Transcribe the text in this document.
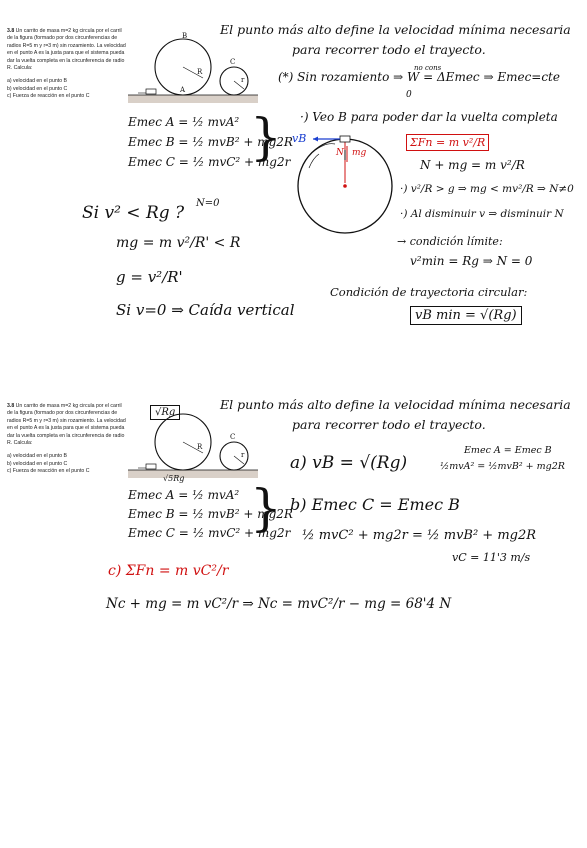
3.8 Un carrito de masa m=2 kg circula por el carril de la figura (formado por dos circunferencias de radios R=5 m y r=3 m) sin rozamiento. La velocidad en el punto A es la justa para que el sistema pueda dar la vuelta completa en la circunferencia de radio R. Calcula:
a) velocidad en el punto B
b) velocidad en el punto C
c) Fuerza de reacción en el punto C
B
R
A
C
r
El punto más alto define la velocidad mínima necesaria
para recorrer todo el trayecto.
Emec A = ½ mvA²
Emec B = ½ mvB² + mg2R
Emec C = ½ mvC² + mg2r
}
(*) Sin rozamiento ⇒ W = ΔEmec ⇒ Emec=cte
no cons
0
·) Veo B para poder dar la vuelta completa
vB
N mg
ΣFn = m v²/R
N + mg = m v²/R
·) v²/R > g ⇒ mg < mv²/R ⇒ N≠0
·) Al disminuir v ⇒ disminuir N
→ condición límite:
v²min = Rg ⇒ N = 0
Condición de trayectoria circular:
vB min = √(Rg)
Si v² < Rg ? N=0
mg = m v²/R' < R
g = v²/R'
Si v=0 ⇒ Caída vertical
3.8 Un carrito de masa m=2 kg circula por el carril de la figura (formado por dos circunferencias de radios R=5 m y r=3 m) sin rozamiento. La velocidad en el punto A es la justa para que el sistema pueda dar la vuelta completa en la circunferencia de radio R. Calcula:
a) velocidad en el punto B
b) velocidad en el punto C
c) Fuerza de reacción en el punto C
√Rg
√5Rg
R
C
r
El punto más alto define la velocidad mínima necesaria
para recorrer todo el trayecto.
Emec A = ½ mvA²
Emec B = ½ mvB² + mg2R
Emec C = ½ mvC² + mg2r
}
a) vB = √(Rg)
Emec A = Emec B
½mvA² = ½mvB² + mg2R
b) Emec C = Emec B
½ mvC² + mg2r = ½ mvB² + mg2R
vC = 11'3 m/s
c) ΣFn = m vC²/r
Nc + mg = m vC²/r ⇒ Nc = mvC²/r − mg = 68'4 N
